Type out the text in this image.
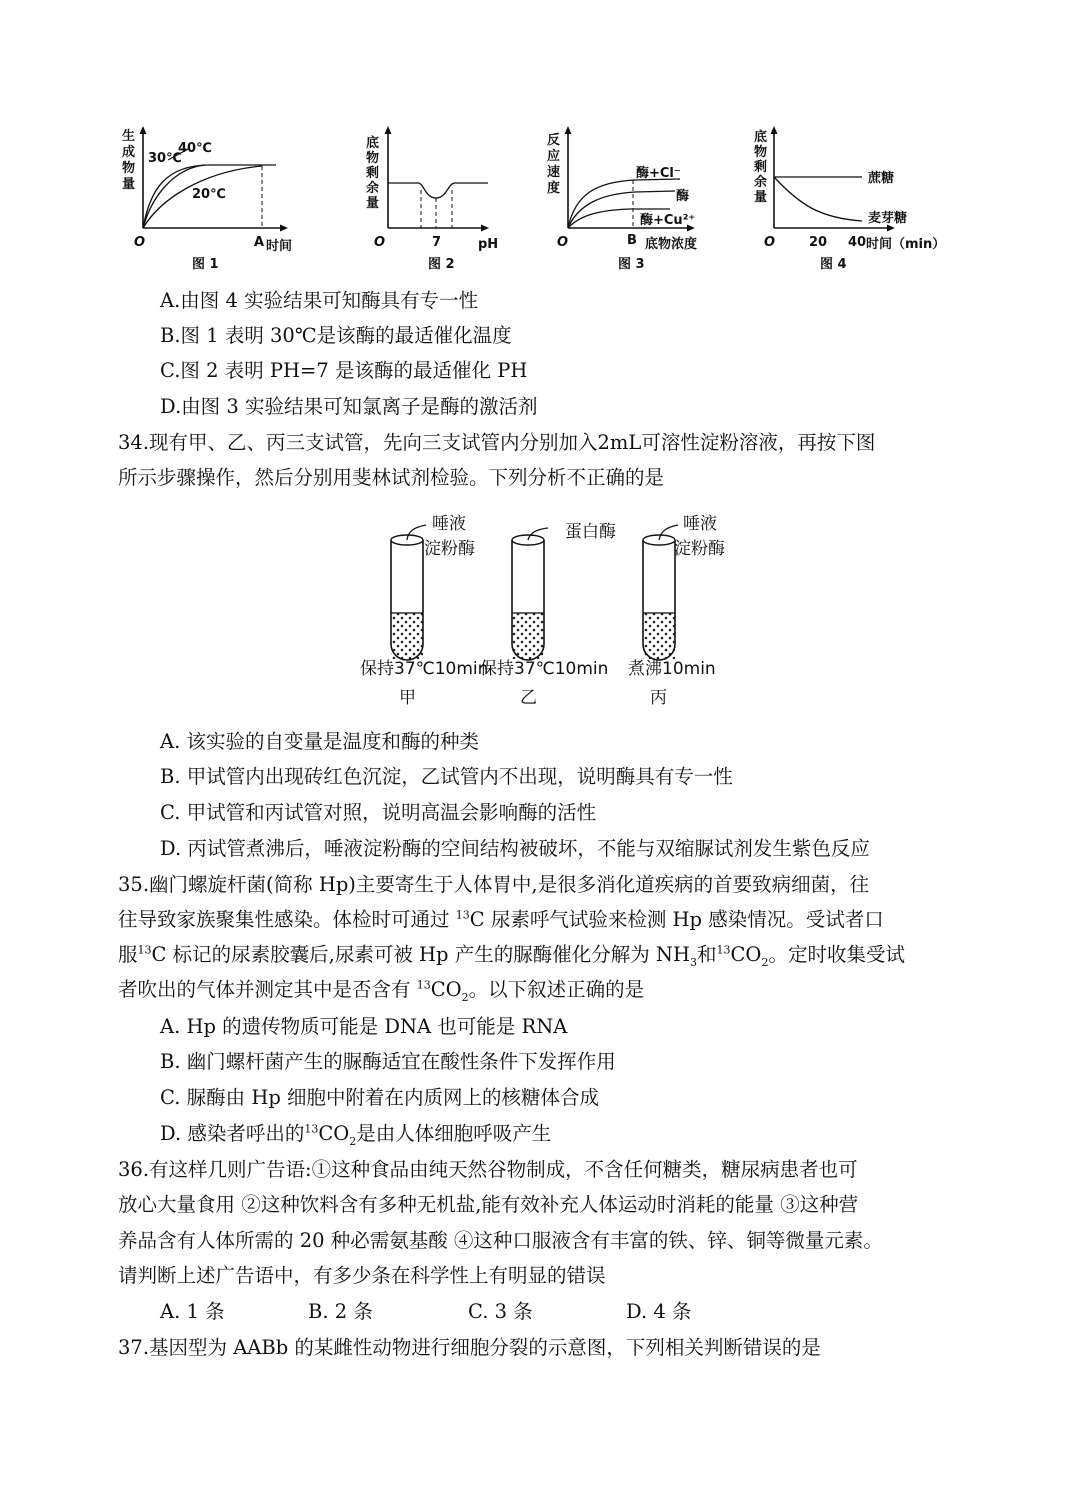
生
成
物
量
40℃
30℃
20℃
O	A 时间
图 1
底
物
剩
余
量
O	7	pH
图 2
反
应
速
度
酶+Cl⁻
酶
酶+Cu²⁺
O	B 底物浓度
图 3
底
物
剩
余
量
蔗糖
麦芽糖
O	20 40 时间（min）
图 4
唾液
淀粉酶
保持37℃10min
甲
蛋白酶
保持37℃10min
乙
唾液
淀粉酶
煮沸10min
丙
A.由图 4 实验结果可知酶具有专一性
B.图 1 表明 30℃是该酶的最适催化温度
C.图 2 表明 PH=7 是该酶的最适催化 PH
D.由图 3 实验结果可知氯离子是酶的激活剂
34.现有甲、乙、丙三支试管，先向三支试管内分别加入2mL可溶性淀粉溶液，再按下图
所示步骤操作，然后分别用斐林试剂检验。下列分析不正确的是
A. 该实验的自变量是温度和酶的种类
B. 甲试管内出现砖红色沉淀，乙试管内不出现，说明酶具有专一性
C. 甲试管和丙试管对照，说明高温会影响酶的活性
D. 丙试管煮沸后，唾液淀粉酶的空间结构被破坏，不能与双缩脲试剂发生紫色反应
35.幽门螺旋杆菌(简称 Hp)主要寄生于人体胃中,是很多消化道疾病的首要致病细菌，往
往导致家族聚集性感染。体检时可通过 $^{13}$C 尿素呼气试验来检测 Hp 感染情况。受试者口
服$^{13}$C 标记的尿素胶囊后,尿素可被 Hp 产生的脲酶催化分解为 $NH_3$和$^{13}CO_2$。定时收集受试
者吹出的气体并测定其中是否含有 $^{13}CO_2$。以下叙述正确的是
A. Hp 的遗传物质可能是 DNA 也可能是 RNA
B. 幽门螺杆菌产生的脲酶适宜在酸性条件下发挥作用
C. 脲酶由 Hp 细胞中附着在内质网上的核糖体合成
D. 感染者呼出的$^{13}CO_2$是由人体细胞呼吸产生
36.有这样几则广告语:①这种食品由纯天然谷物制成，不含任何糖类，糖尿病患者也可
放心大量食用 ②这种饮料含有多种无机盐,能有效补充人体运动时消耗的能量 ③这种营
养品含有人体所需的 20 种必需氨基酸 ④这种口服液含有丰富的铁、锌、铜等微量元素。
请判断上述广告语中，有多少条在科学性上有明显的错误
A. 1 条	B. 2 条	C. 3 条	D. 4 条
37.基因型为 AABb 的某雌性动物进行细胞分裂的示意图，下列相关判断错误的是
